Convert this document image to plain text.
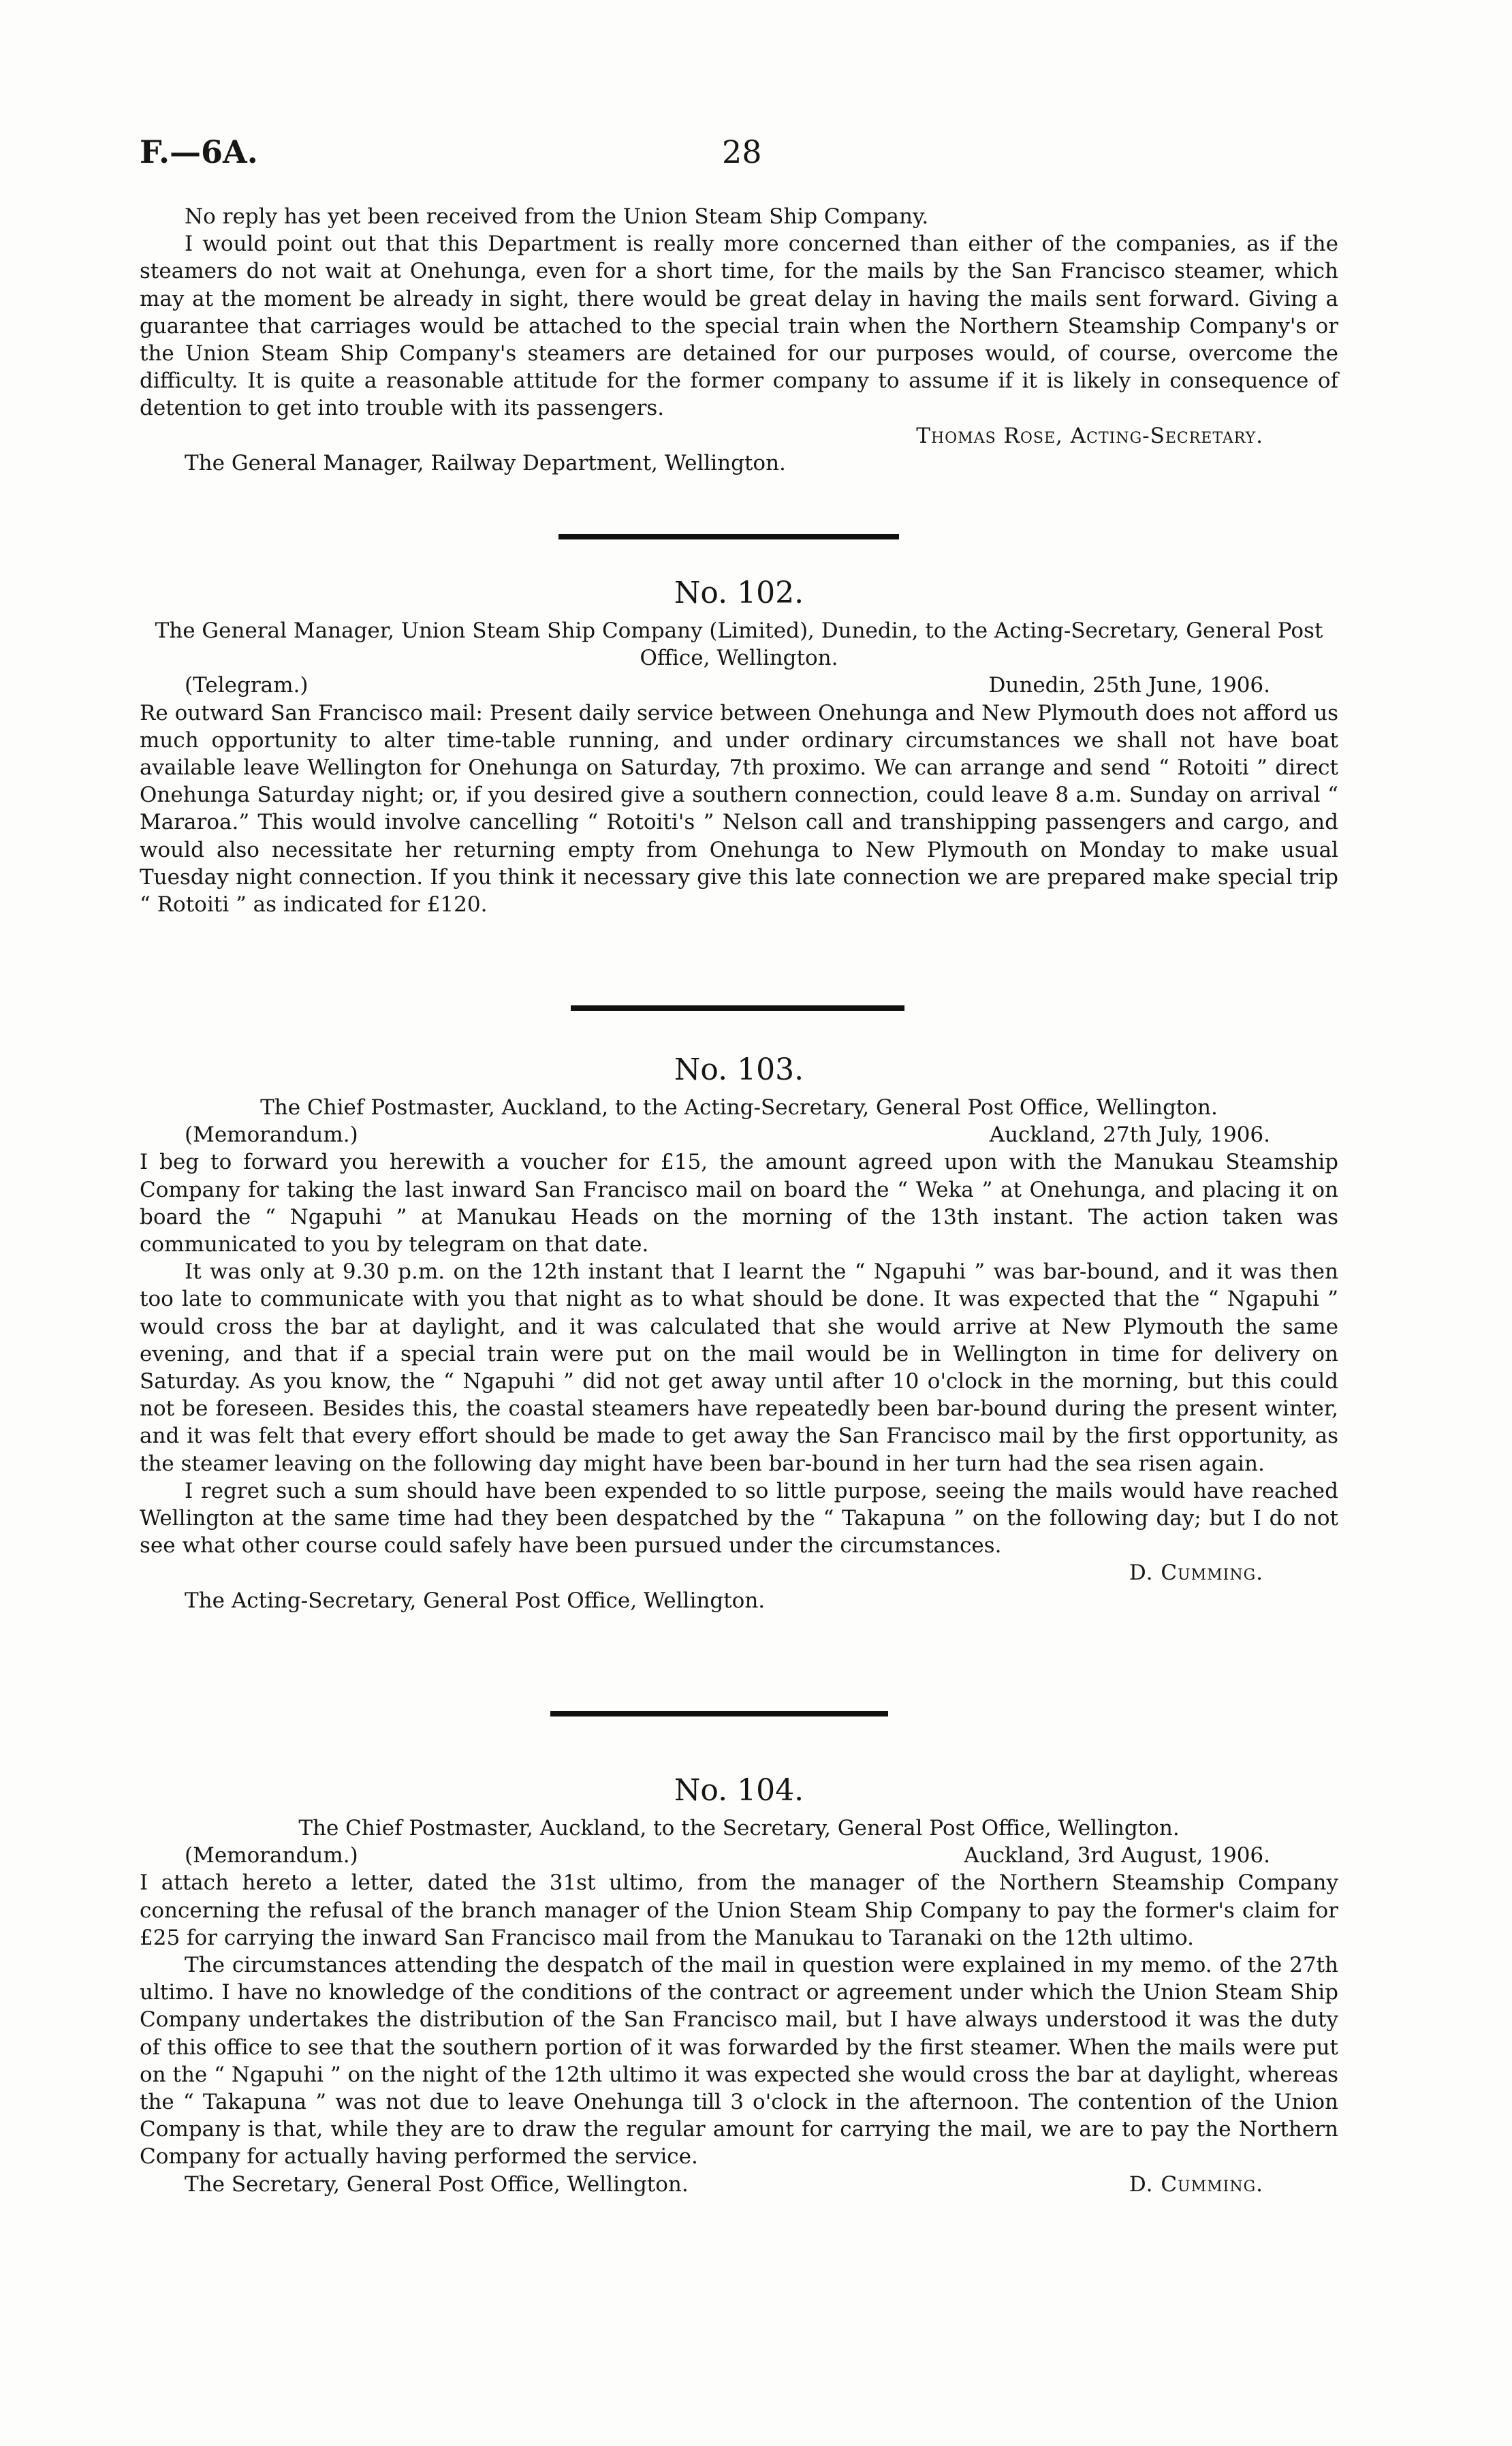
F.—6A.	28

No reply has yet been received from the Union Steam Ship Company.

I would point out that this Department is really more concerned than either of the companies, as if the steamers do not wait at Onehunga, even for a short time, for the mails by the San Francisco steamer, which may at the moment be already in sight, there would be great delay in having the mails sent forward. Giving a guarantee that carriages would be attached to the special train when the Northern Steamship Company's or the Union Steam Ship Company's steamers are detained for our purposes would, of course, overcome the difficulty. It is quite a reasonable attitude for the former company to assume if it is likely in consequence of detention to get into trouble with its passengers.

Thomas Rose, Acting-Secretary.

The General Manager, Railway Department, Wellington.

No. 102.

The General Manager, Union Steam Ship Company (Limited), Dunedin, to the Acting-Secretary, General Post Office, Wellington.

(Telegram.)	Dunedin, 25th June, 1906.

Re outward San Francisco mail: Present daily service between Onehunga and New Plymouth does not afford us much opportunity to alter time-table running, and under ordinary circumstances we shall not have boat available leave Wellington for Onehunga on Saturday, 7th proximo. We can arrange and send “ Rotoiti ” direct Onehunga Saturday night; or, if you desired give a southern connection, could leave 8 a.m. Sunday on arrival “ Mararoa.” This would involve cancelling “ Rotoiti's ” Nelson call and transhipping passengers and cargo, and would also necessitate her returning empty from Onehunga to New Plymouth on Monday to make usual Tuesday night connection. If you think it necessary give this late connection we are prepared make special trip “ Rotoiti ” as indicated for £120.

No. 103.

The Chief Postmaster, Auckland, to the Acting-Secretary, General Post Office, Wellington.

(Memorandum.)	Auckland, 27th July, 1906.

I beg to forward you herewith a voucher for £15, the amount agreed upon with the Manukau Steamship Company for taking the last inward San Francisco mail on board the “ Weka ” at Onehunga, and placing it on board the “ Ngapuhi ” at Manukau Heads on the morning of the 13th instant. The action taken was communicated to you by telegram on that date.

It was only at 9.30 p.m. on the 12th instant that I learnt the “ Ngapuhi ” was bar-bound, and it was then too late to communicate with you that night as to what should be done. It was expected that the “ Ngapuhi ” would cross the bar at daylight, and it was calculated that she would arrive at New Plymouth the same evening, and that if a special train were put on the mail would be in Wellington in time for delivery on Saturday. As you know, the “ Ngapuhi ” did not get away until after 10 o'clock in the morning, but this could not be foreseen. Besides this, the coastal steamers have repeatedly been bar-bound during the present winter, and it was felt that every effort should be made to get away the San Francisco mail by the first opportunity, as the steamer leaving on the following day might have been bar-bound in her turn had the sea risen again.

I regret such a sum should have been expended to so little purpose, seeing the mails would have reached Wellington at the same time had they been despatched by the “ Takapuna ” on the following day; but I do not see what other course could safely have been pursued under the circumstances.

D. Cumming.

The Acting-Secretary, General Post Office, Wellington.

No. 104.

The Chief Postmaster, Auckland, to the Secretary, General Post Office, Wellington.

(Memorandum.)	Auckland, 3rd August, 1906.

I attach hereto a letter, dated the 31st ultimo, from the manager of the Northern Steamship Company concerning the refusal of the branch manager of the Union Steam Ship Company to pay the former's claim for £25 for carrying the inward San Francisco mail from the Manukau to Taranaki on the 12th ultimo.

The circumstances attending the despatch of the mail in question were explained in my memo. of the 27th ultimo. I have no knowledge of the conditions of the contract or agreement under which the Union Steam Ship Company undertakes the distribution of the San Francisco mail, but I have always understood it was the duty of this office to see that the southern portion of it was forwarded by the first steamer. When the mails were put on the “ Ngapuhi ” on the night of the 12th ultimo it was expected she would cross the bar at daylight, whereas the “ Takapuna ” was not due to leave Onehunga till 3 o'clock in the afternoon. The contention of the Union Company is that, while they are to draw the regular amount for carrying the mail, we are to pay the Northern Company for actually having performed the service.

The Secretary, General Post Office, Wellington.	D. Cumming.
